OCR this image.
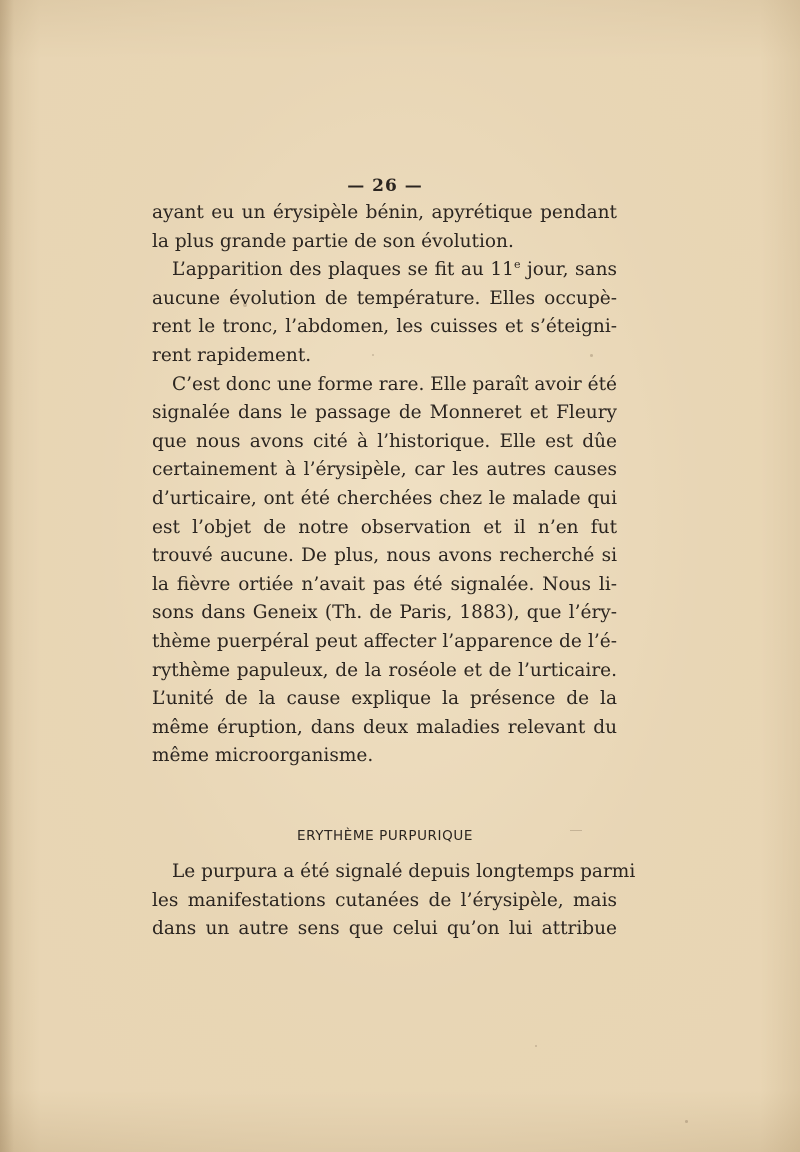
— 26 —
ayant eu un érysipèle bénin, apyrétique pendant
la plus grande partie de son évolution.
L’apparition des plaques se fit au 11e jour, sans
aucune évolution de température. Elles occupè-
rent le tronc, l’abdomen, les cuisses et s’éteigni-
rent rapidement.
C’est donc une forme rare. Elle paraît avoir été
signalée dans le passage de Monneret et Fleury
que nous avons cité à l’historique. Elle est dûe
certainement à l’érysipèle, car les autres causes
d’urticaire, ont été cherchées chez le malade qui
est l’objet de notre observation et il n’en fut
trouvé aucune. De plus, nous avons recherché si
la fièvre ortiée n’avait pas été signalée. Nous li-
sons dans Geneix (Th. de Paris, 1883), que l’éry-
thème puerpéral peut affecter l’apparence de l’é-
rythème papuleux, de la roséole et de l’urticaire.
L’unité de la cause explique la présence de la
même éruption, dans deux maladies relevant du
même microorganisme.
ERYTHÈME PURPURIQUE
Le purpura a été signalé depuis longtemps parmi
les manifestations cutanées de l’érysipèle, mais
dans un autre sens que celui qu’on lui attribue
